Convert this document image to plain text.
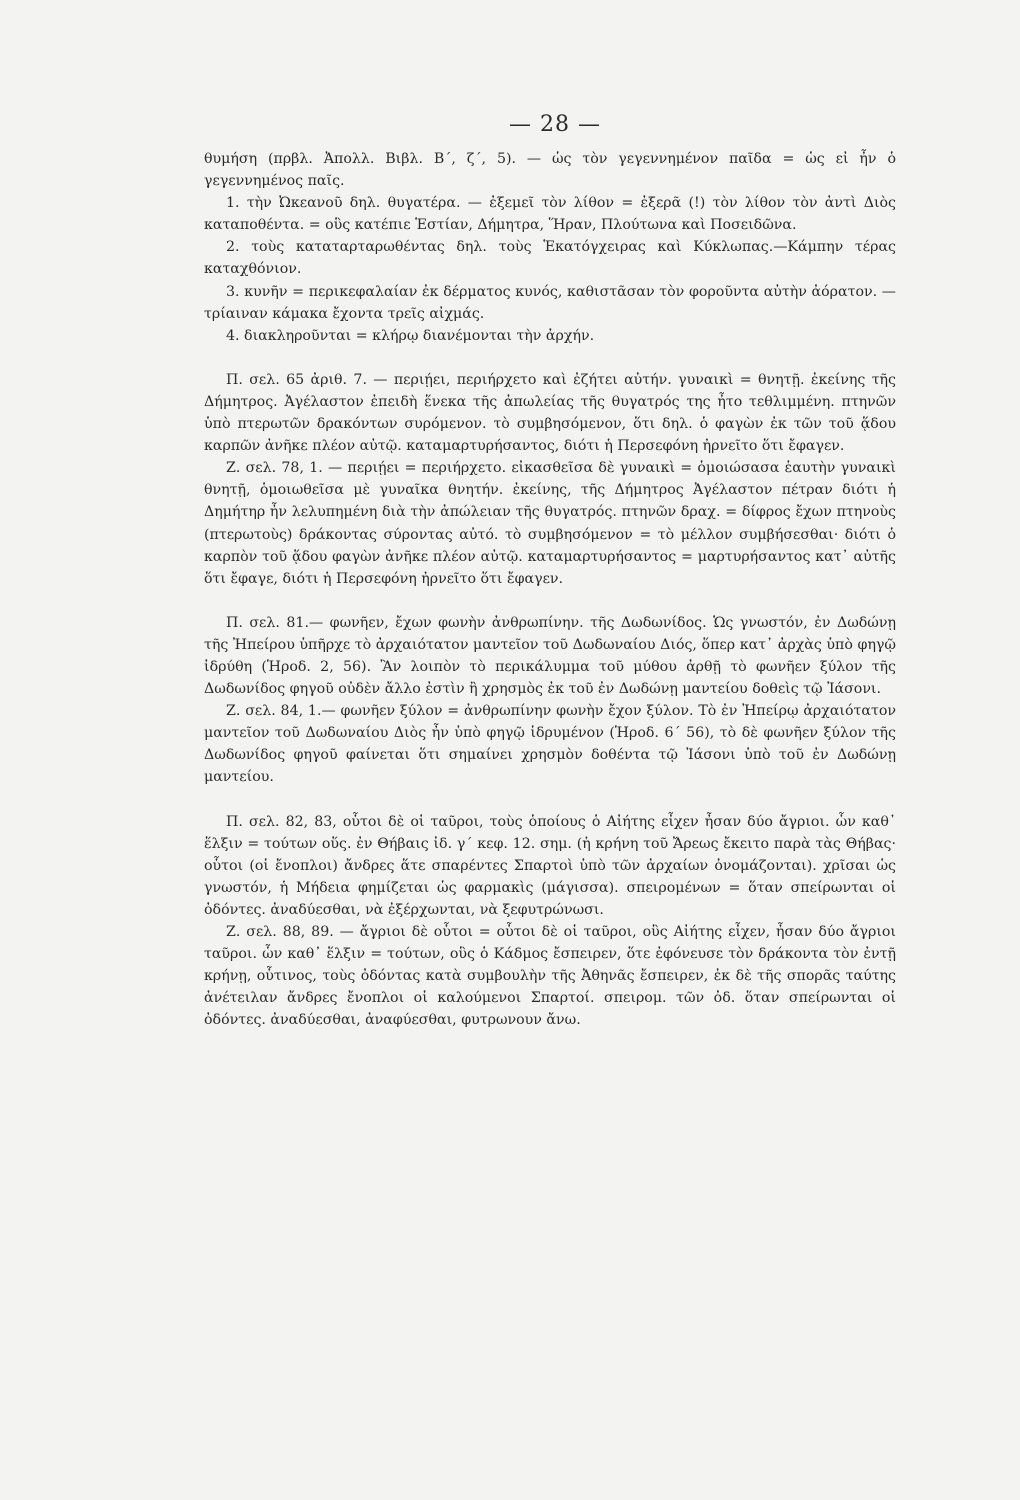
— 28 —

θυμήση (πρβλ. Ἀπολλ. Βιβλ. Β΄, ζ΄, 5). — ὡς τὸν γεγεννημένον παῖδα = ὡς εἰ ἦν ὁ γεγεννημένος παῖς.

1. τὴν Ὠκεανοῦ δηλ. θυγατέρα. — ἐξεμεῖ τὸν λίθον = ἐξερᾶ (!) τὸν λίθον τὸν ἀντὶ Διὸς καταποθέντα. = οὓς κατέπιε Ἑστίαν, Δήμητρα, Ἥραν, Πλούτωνα καὶ Ποσειδῶνα.

2. τοὺς καταταρταρωθέντας δηλ. τοὺς Ἑκατόγχειρας καὶ Κύκλωπας.—Κάμπην τέρας καταχθόνιον.

3. κυνῆν = περικεφαλαίαν ἐκ δέρματος κυνός, καθιστᾶσαν τὸν φοροῦντα αὐτὴν ἀόρατον. — τρίαιναν κάμακα ἔχοντα τρεῖς αἰχμάς.

4. διακληροῦνται = κλήρῳ διανέμονται τὴν ἀρχήν.

Π. σελ. 65 ἀριθ. 7. — περιῄει, περιήρχετο καὶ ἐζήτει αὐτήν. γυναικὶ = θνητῇ. ἐκείνης τῆς Δήμητρος. Ἀγέλαστον ἐπειδὴ ἕνεκα τῆς ἀπωλείας τῆς θυγατρός της ἦτο τεθλιμμένη. πτηνῶν ὑπὸ πτερωτῶν δρακόντων συρόμενον. τὸ συμβησόμενον, ὅτι δηλ. ὁ φαγὼν ἐκ τῶν τοῦ ᾅδου καρπῶν ἀνῆκε πλέον αὐτῷ. καταμαρτυρήσαντος, διότι ἡ Περσεφόνη ἠρνεῖτο ὅτι ἔφαγεν.

Ζ. σελ. 78, 1. — περιῄει = περιήρχετο. εἰκασθεῖσα δὲ γυναικὶ = ὁμοιώσασα ἑαυτὴν γυναικὶ θνητῇ, ὁμοιωθεῖσα μὲ γυναῖκα θνητήν. ἐκείνης, τῆς Δήμητρος Ἀγέλαστον πέτραν διότι ἡ Δημήτηρ ἦν λελυπημένη διὰ τὴν ἀπώλειαν τῆς θυγατρός. πτηνῶν δραχ. = δίφρος ἔχων πτηνοὺς (πτερωτοὺς) δράκοντας σύροντας αὐτό. τὸ συμβησόμενον = τὸ μέλλον συμβήσεσθαι· διότι ὁ καρπὸν τοῦ ᾅδου φαγὼν ἀνῆκε πλέον αὐτῷ. καταμαρτυρήσαντος = μαρτυρήσαντος κατ᾽ αὐτῆς ὅτι ἔφαγε, διότι ἡ Περσεφόνη ἠρνεῖτο ὅτι ἔφαγεν.

Π. σελ. 81.— φωνῆεν, ἔχων φωνὴν ἀνθρωπίνην. τῆς Δωδωνίδος. Ὡς γνωστόν, ἐν Δωδώνῃ τῆς Ἠπείρου ὑπῆρχε τὸ ἀρχαιότατον μαντεῖον τοῦ Δωδωναίου Διός, ὅπερ κατ᾽ ἀρχὰς ὑπὸ φηγῷ ἱδρύθη (Ἡροδ. 2, 56). Ἂν λοιπὸν τὸ περικάλυμμα τοῦ μύθου ἀρθῇ τὸ φωνῆεν ξύλον τῆς Δωδωνίδος φηγοῦ οὐδὲν ἄλλο ἐστὶν ἢ χρησμὸς ἐκ τοῦ ἐν Δωδώνῃ μαντείου δοθεὶς τῷ Ἰάσονι.

Ζ. σελ. 84, 1.— φωνῆεν ξύλον = ἀνθρωπίνην φωνὴν ἔχον ξύλον. Τὸ ἐν Ἠπείρῳ ἀρχαιότατον μαντεῖον τοῦ Δωδωναίου Διὸς ἦν ὑπὸ φηγῷ ἱδρυμένον (Ἡροδ. 6΄ 56), τὸ δὲ φωνῆεν ξύλον τῆς Δωδωνίδος φηγοῦ φαίνεται ὅτι σημαίνει χρησμὸν δοθέντα τῷ Ἰάσονι ὑπὸ τοῦ ἐν Δωδώνῃ μαντείου.

Π. σελ. 82, 83, οὗτοι δὲ οἱ ταῦροι, τοὺς ὁποίους ὁ Αἰήτης εἶχεν ἦσαν δύο ἄγριοι. ὧν καθ᾽ ἕλξιν = τούτων οὕς. ἐν Θήβαις ἰδ. γ΄ κεφ. 12. σημ. (ἡ κρήνη τοῦ Ἄρεως ἔκειτο παρὰ τὰς Θήβας· οὗτοι (οἱ ἔνοπλοι) ἄνδρες ἅτε σπαρέντες Σπαρτοὶ ὑπὸ τῶν ἀρχαίων ὀνομάζονται). χρῖσαι ὡς γνωστόν, ἡ Μήδεια φημίζεται ὡς φαρμακὶς (μάγισσα). σπειρομένων = ὅταν σπείρωνται οἱ ὀδόντες. ἀναδύεσθαι, νὰ ἐξέρχωνται, νὰ ξεφυτρώνωσι.

Ζ. σελ. 88, 89. — ἄγριοι δὲ οὗτοι = οὗτοι δὲ οἱ ταῦροι, οὓς Αἰήτης εἶχεν, ἦσαν δύο ἄγριοι ταῦροι. ὧν καθ᾽ ἕλξιν = τούτων, οὓς ὁ Κάδμος ἔσπειρεν, ὅτε ἐφόνευσε τὸν δράκοντα τὸν ἐντῇ κρήνῃ, οὗτινος, τοὺς ὀδόντας κατὰ συμβουλὴν τῆς Ἀθηνᾶς ἔσπειρεν, ἐκ δὲ τῆς σπορᾶς ταύτης ἀνέτειλαν ἄνδρες ἔνοπλοι οἱ καλούμενοι Σπαρτοί. σπειρομ. τῶν ὀδ. ὅταν σπείρωνται οἱ ὀδόντες. ἀναδύεσθαι, ἀναφύεσθαι, φυτρωνουν ἄνω.
